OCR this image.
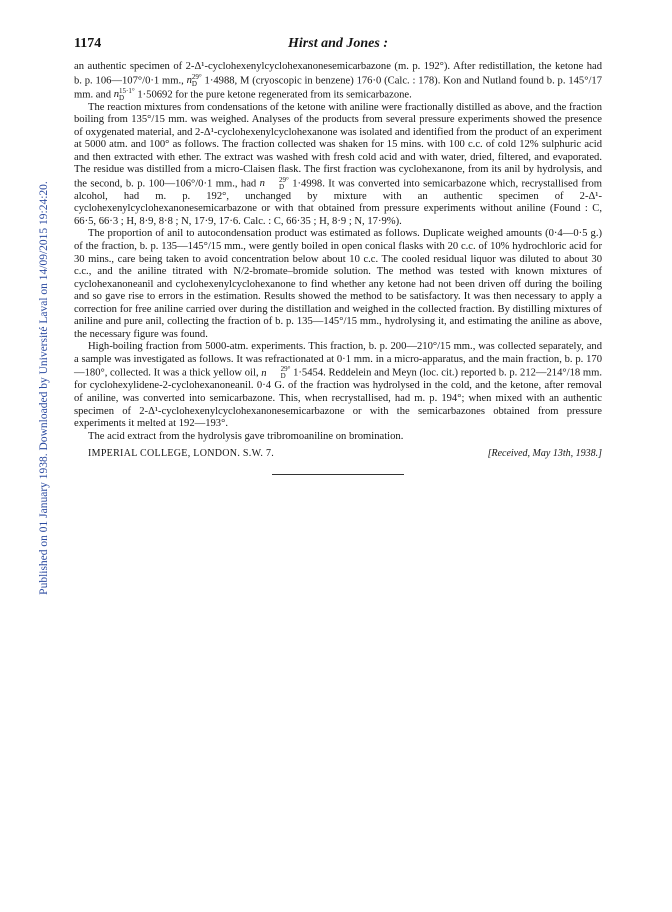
Published on 01 January 1938. Downloaded by Université Laval on 14/09/2015 19:24:20.
1174	Hirst and Jones :

an authentic specimen of 2-Δ¹-cyclohexenylcyclohexanonesemicarbazone (m. p. 192°). After redistillation, the ketone had b. p. 106—107°/0·1 mm., n 29°
D 1·4988, M (cryoscopic in benzene) 176·0 (Calc. : 178). Kon and Nutland found b. p. 145°/17 mm. and n 15·1°
D 1·50692 for the pure ketone regenerated from its semicarbazone.

The reaction mixtures from condensations of the ketone with aniline were fractionally distilled as above, and the fraction boiling from 135°/15 mm. was weighed. Analyses of the products from several pressure experiments showed the presence of oxygenated material, and 2-Δ¹-cyclohexenylcyclohexanone was isolated and identified from the product of an experiment at 5000 atm. and 100° as follows. The fraction collected was shaken for 15 mins. with 100 c.c. of cold 12% sulphuric acid and then extracted with ether. The extract was washed with fresh cold acid and with water, dried, filtered, and evaporated. The residue was distilled from a micro-Claisen flask. The first fraction was cyclohexanone, from its anil by hydrolysis, and the second, b. p. 100—106°/0·1 mm., had n	29°
D 1·4998. It was converted into semicarbazone which, recrystallised from alcohol, had m. p. 192°, unchanged by mixture with an authentic specimen of 2-Δ¹-cyclohexenylcyclohexanonesemicarbazone or with that obtained from pressure experiments without aniline (Found : C, 66·5, 66·3 ; H, 8·9, 8·8 ; N, 17·9, 17·6. Calc. : C, 66·35 ; H, 8·9 ; N, 17·9%).

The proportion of anil to autocondensation product was estimated as follows. Duplicate weighed amounts (0·4—0·5 g.) of the fraction, b. p. 135—145°/15 mm., were gently boiled in open conical flasks with 20 c.c. of 10% hydrochloric acid for 30 mins., care being taken to avoid concentration below about 10 c.c. The cooled residual liquor was diluted to about 30 c.c., and the aniline titrated with N/2-bromate–bromide solution. The method was tested with known mixtures of cyclohexanoneanil and cyclohexenylcyclohexanone to find whether any ketone had not been driven off during the boiling and so gave rise to errors in the estimation. Results showed the method to be satisfactory. It was then necessary to apply a correction for free aniline carried over during the distillation and weighed in the collected fraction. By distilling mixtures of aniline and pure anil, collecting the fraction of b. p. 135—145°/15 mm., hydrolysing it, and estimating the aniline as above, the necessary figure was found.

High-boiling fraction from 5000-atm. experiments. This fraction, b. p. 200—210°/15 mm., was collected separately, and a sample was investigated as follows. It was refractionated at 0·1 mm. in a micro-apparatus, and the main fraction, b. p. 170—180°, collected. It was a thick yellow oil, n	29°
D 1·5454. Reddelein and Meyn (loc. cit.) reported b. p. 212—214°/18 mm. for cyclohexylidene-2-cyclohexanoneanil. 0·4 G. of the fraction was hydrolysed in the cold, and the ketone, after removal of aniline, was converted into semicarbazone. This, when recrystallised, had m. p. 194°; when mixed with an authentic specimen of 2-Δ¹-cyclohexenylcyclohexanonesemicarbazone or with the semicarbazones obtained from pressure experiments it melted at 192—193°.

The acid extract from the hydrolysis gave tribromoaniline on bromination.

IMPERIAL COLLEGE, LONDON. S.W. 7.	[Received, May 13th, 1938.]
